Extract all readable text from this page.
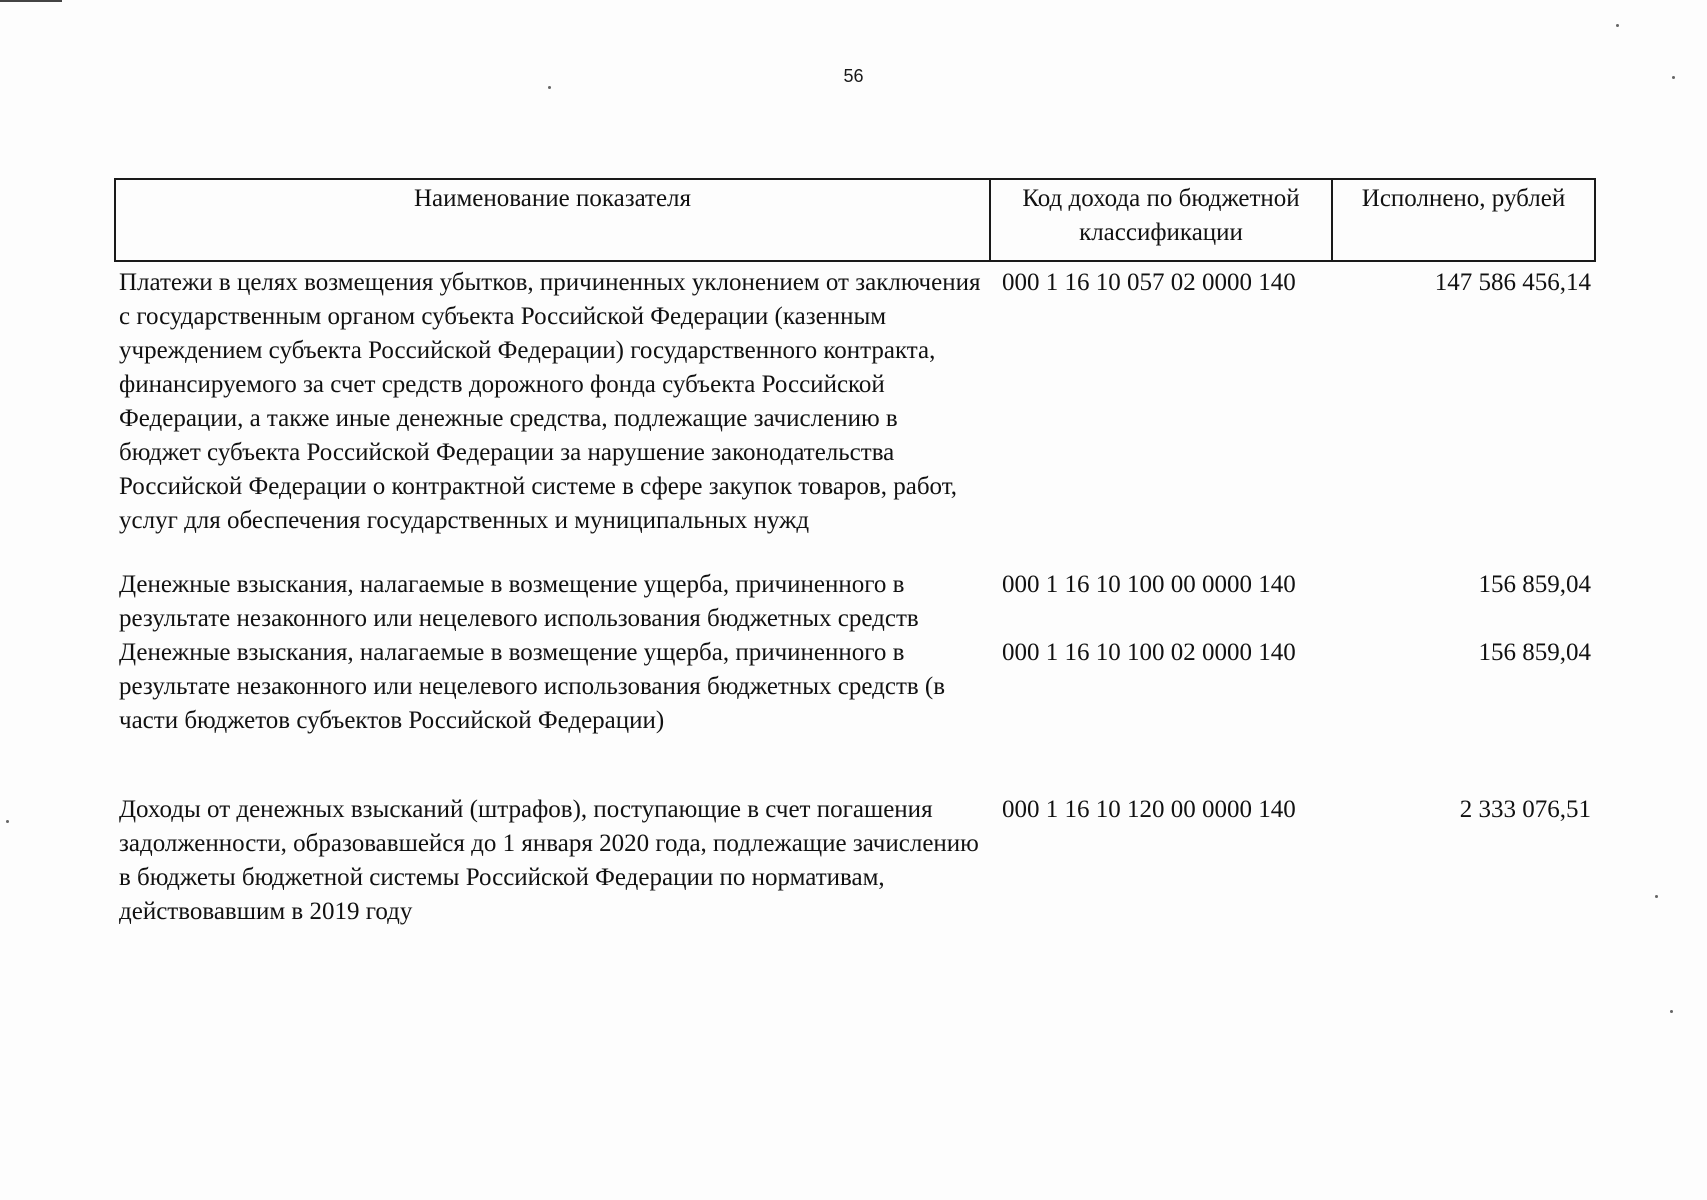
56
Наименование показателя	Код дохода по бюджетной классификации	Исполнено, рублей
Платежи в целях возмещения убытков, причиненных уклонением от заключения с государственным органом субъекта Российской Федерации (казенным учреждением субъекта Российской Федерации) государственного контракта, финансируемого за счет средств дорожного фонда субъекта Российской Федерации, а также иные денежные средства, подлежащие зачислению в бюджет субъекта Российской Федерации за нарушение законодательства Российской Федерации о контрактной системе в сфере закупок товаров, работ, услуг для обеспечения государственных и муниципальных нужд	000 1 16 10 057 02 0000 140	147 586 456,14
Денежные взыскания, налагаемые в возмещение ущерба, причиненного в результате незаконного или нецелевого использования бюджетных средств	000 1 16 10 100 00 0000 140	156 859,04
Денежные взыскания, налагаемые в возмещение ущерба, причиненного в результате незаконного или нецелевого использования бюджетных средств (в части бюджетов субъектов Российской Федерации)	000 1 16 10 100 02 0000 140	156 859,04
Доходы от денежных взысканий (штрафов), поступающие в счет погашения задолженности, образовавшейся до 1 января 2020 года, подлежащие зачислению в бюджеты бюджетной системы Российской Федерации по нормативам, действовавшим в 2019 году	000 1 16 10 120 00 0000 140	2 333 076,51
